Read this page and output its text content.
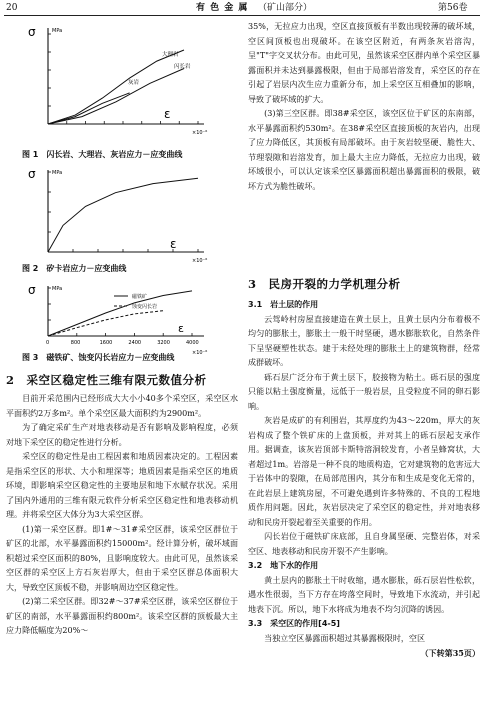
20	有 色 金 属 （矿山部分）	第56卷
σ	MPa
ε
×10⁻⁶
大理岩
闪长岩
灰岩
图 1　闪长岩、大理岩、灰岩应力－应变曲线
σ	MPa
ε
×10⁻⁶
图 2　矽卡岩应力－应变曲线
σ	MPa
ε
×10⁻⁶
0	800	1600	2400	3200	4000
磁铁矿
蚀变闪长岩
图 3　磁铁矿、蚀变闪长岩应力－应变曲线
2　采空区稳定性三维有限元数值分析

目前开采范围内已经形成大大小小40多个采空区，采空区水平面积约2万多m²。单个采空区最大面积约为2900m²。

为了确定采矿生产对地表移动是否有影响及影响程度，必须对地下采空区的稳定性进行分析。

采空区的稳定性是由工程因素和地质因素决定的。工程因素是指采空区的形状、大小和埋深等；地质因素是指采空区的地质环境，即影响采空区稳定性的主要地层和地下水赋存状况。采用了国内外通用的三维有限元软件分析采空区稳定性和地表移动机理。并将采空区大体分为3大采空区群。

(1)第一采空区群。即1#～31#采空区群，该采空区群位于矿区的北部，水平暴露面积约15000m²。经计算分析，破坏域面积超过采空区面积的80%，且影响度较大。由此可见，虽然该采空区群的采空区上方石灰岩厚大，但由于采空区群总体面积大大，导致空区顶板不稳，并影响周边空区稳定性。

(2)第二采空区群。即32#～37#采空区群，该采空区群位于矿区的南部，水平暴露面积约800m²。该采空区群的顶板最大主应力降低幅度为20%～

35%，无拉应力出现，空区直接顶板有半数出现较薄的破坏域，空区间顶板也出现破坏。在该空区附近，有两条灰岩溶沟，呈"T"字交叉状分布。由此可见，虽然该采空区群内单个采空区暴露面积并未达到暴露极限，但由于局部岩溶发育，采空区的存在引起了岩层内次生应力重新分布，加上采空区互相叠加的影响，导致了破坏域的扩大。

(3)第三空区群。即38#采空区，该空区位于矿区的东南部，水平暴露面积约530m²。在38#采空区直接顶板的灰岩内，出现了应力降低区，其顶板有局部破坏。由于灰岩较坚硬、脆性大、节理裂隙和岩溶发育，加上最大主应力降低，无拉应力出现，破坏域很小，可以认定该采空区暴露面积超出暴露面积的极限，破坏方式为脆性破坏。

3　民房开裂的力学机理分析
3.1　岩土层的作用

云驾岭村房屋直接建造在黄土层上，且黄土层内分布着极不均匀的膨胀土，膨胀土一般干时坚硬，遇水膨胀软化，自然条件下呈坚硬塑性状态。建于未经处理的膨胀土上的建筑物群，经常成群破坏。

砾石层广泛分布于黄土层下，胶接物为粘土。砾石层的强度只能以粘土强度衡量，远低于一般岩层，且受粒度不同的卵石影响。

灰岩是成矿的有利围岩，其厚度约为43～220m，厚大的灰岩构成了整个铁矿床的上盘顶板，并对其上的砾石层起支承作用。据调查，该灰岩顶部卡斯特溶洞较发育，小者呈蜂窝状，大者超过1m。岩溶是一种不良的地质构造，它对建筑物的危害远大于岩体中的裂隙，在局部范围内，其分布和生成是变化无常的，在此岩层上建筑房屋，不可避免遇到许多特殊的、不良的工程地质作用问题。因此，灰岩层决定了采空区的稳定性，并对地表移动和民房开裂起着至关重要的作用。

闪长岩位于磁铁矿床底部，且自身属坚硬、完整岩体，对采空区、地表移动和民房开裂不产生影响。

3.2　地下水的作用

黄土层内的膨胀土干时收缩，遇水膨胀，砾石层岩性松软，遇水性很弱，当下方存在垮落空间时，导致地下水流动，并引起地表下沉。所以，地下水将成为地表不均匀沉降的诱因。

3.3　采空区的作用[4-5]

当独立空区暴露面积超过其暴露极限时，空区

（下转第35页）
